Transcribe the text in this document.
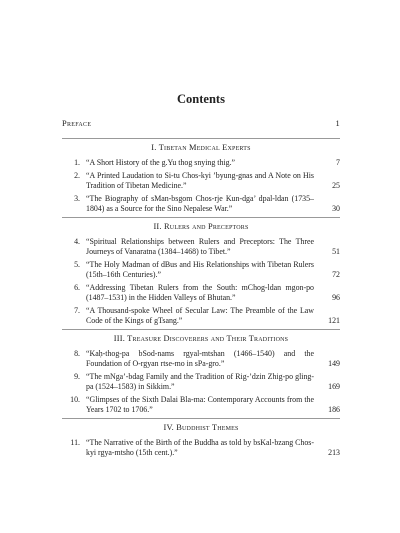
Contents
Preface	1
I. Tibetan Medical Experts
1. “A Short History of the g.Yu thog snying thig.”	7
2. “A Printed Laudation to Si-tu Chos-kyi ’byung-gnas and A Note on His Tradition of Tibetan Medicine.”	25
3. “The Biography of sMan-bsgom Chos-rje Kun-dga’ dpal-ldan (1735–1804) as a Source for the Sino Nepalese War.”	30
II. Rulers and Preceptors
4. “Spiritual Relationships between Rulers and Preceptors: The Three Journeys of Vanaratna (1384–1468) to Tibet.”	51
5. “The Holy Madman of dBus and His Relationships with Tibetan Rulers (15th–16th Centuries).”	72
6. “Addressing Tibetan Rulers from the South: mChog-ldan mgon-po (1487–1531) in the Hidden Valleys of Bhutan.”	96
7. “A Thousand-spoke Wheel of Secular Law: The Preamble of the Law Code of the Kings of gTsang.”	121
III. Treasure Discoverers and Their Traditions
8. “Kaḥ-thog-pa bSod-nams rgyal-mtshan (1466–1540) and the Foundation of O-rgyan rtse-mo in sPa-gro.”	149
9. “The mNga’-bdag Family and the Tradition of Rig-’dzin Zhig-po gling-pa (1524–1583) in Sikkim.”	169
10. “Glimpses of the Sixth Dalai Bla-ma: Contemporary Accounts from the Years 1702 to 1706.”	186
IV. Buddhist Themes
11. “The Narrative of the Birth of the Buddha as told by bsKal-bzang Chos-kyi rgya-mtsho (15th cent.).”	213
